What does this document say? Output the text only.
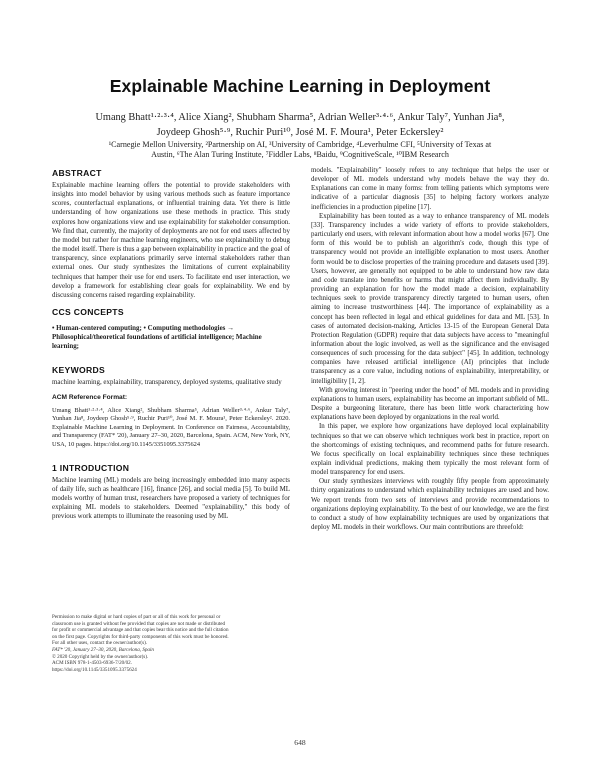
Explainable Machine Learning in Deployment
Umang Bhatt¹·²·³·⁴, Alice Xiang², Shubham Sharma⁵, Adrian Weller³·⁴·⁶, Ankur Taly⁷, Yunhan Jia⁸,
Joydeep Ghosh⁵·⁹, Ruchir Puri¹⁰, José M. F. Moura¹, Peter Eckersley²
¹Carnegie Mellon University, ²Partnership on AI, ³University of Cambridge, ⁴Leverhulme CFI, ⁵University of Texas at
Austin, ⁶The Alan Turing Institute, ⁷Fiddler Labs, ⁸Baidu, ⁹CognitiveScale, ¹⁰IBM Research
ABSTRACT

Explainable machine learning offers the potential to provide stakeholders with insights into model behavior by using various methods such as feature importance scores, counterfactual explanations, or influential training data. Yet there is little understanding of how organizations use these methods in practice. This study explores how organizations view and use explainability for stakeholder consumption. We find that, currently, the majority of deployments are not for end users affected by the model but rather for machine learning engineers, who use explainability to debug the model itself. There is thus a gap between explainability in practice and the goal of transparency, since explanations primarily serve internal stakeholders rather than external ones. Our study synthesizes the limitations of current explainability techniques that hamper their use for end users. To facilitate end user interaction, we develop a framework for establishing clear goals for explainability. We end by discussing concerns raised regarding explainability.

CCS CONCEPTS

• Human-centered computing; • Computing methodologies → Philosophical/theoretical foundations of artificial intelligence; Machine learning;

KEYWORDS

machine learning, explainability, transparency, deployed systems, qualitative study

ACM Reference Format:

Umang Bhatt¹·²·³·⁴, Alice Xiang², Shubham Sharma⁵, Adrian Weller³·⁴·⁶, Ankur Taly⁷, Yunhan Jia⁸, Joydeep Ghosh⁵·⁹, Ruchir Puri¹⁰, José M. F. Moura¹, Peter Eckersley². 2020. Explainable Machine Learning in Deployment. In Conference on Fairness, Accountability, and Transparency (FAT* '20), January 27–30, 2020, Barcelona, Spain. ACM, New York, NY, USA, 10 pages. https://doi.org/10.1145/3351095.3375624

1 INTRODUCTION

Machine learning (ML) models are being increasingly embedded into many aspects of daily life, such as healthcare [16], finance [26], and social media [5]. To build ML models worthy of human trust, researchers have proposed a variety of techniques for explaining ML models to stakeholders. Deemed "explainability," this body of previous work attempts to illuminate the reasoning used by ML

Permission to make digital or hard copies of part or all of this work for personal or
classroom use is granted without fee provided that copies are not made or distributed
for profit or commercial advantage and that copies bear this notice and the full citation
on the first page. Copyrights for third-party components of this work must be honored.
For all other uses, contact the owner/author(s).
FAT* '20, January 27–30, 2020, Barcelona, Spain
© 2020 Copyright held by the owner/author(s).
ACM ISBN 978-1-4503-6936-7/20/02.
https://doi.org/10.1145/3351095.3375624

models. "Explainability" loosely refers to any technique that helps the user or developer of ML models understand why models behave the way they do. Explanations can come in many forms: from telling patients which symptoms were indicative of a particular diagnosis [35] to helping factory workers analyze inefficiencies in a production pipeline [17].

Explainability has been touted as a way to enhance transparency of ML models [33]. Transparency includes a wide variety of efforts to provide stakeholders, particularly end users, with relevant information about how a model works [67]. One form of this would be to publish an algorithm's code, though this type of transparency would not provide an intelligible explanation to most users. Another form would be to disclose properties of the training procedure and datasets used [39]. Users, however, are generally not equipped to be able to understand how raw data and code translate into benefits or harms that might affect them individually. By providing an explanation for how the model made a decision, explainability techniques seek to provide transparency directly targeted to human users, often aiming to increase trustworthiness [44]. The importance of explainability as a concept has been reflected in legal and ethical guidelines for data and ML [53]. In cases of automated decision-making, Articles 13-15 of the European General Data Protection Regulation (GDPR) require that data subjects have access to "meaningful information about the logic involved, as well as the significance and the envisaged consequences of such processing for the data subject" [45]. In addition, technology companies have released artificial intelligence (AI) principles that include transparency as a core value, including notions of explainability, interpretability, or intelligibility [1, 2].

With growing interest in "peering under the hood" of ML models and in providing explanations to human users, explainability has become an important subfield of ML. Despite a burgeoning literature, there has been little work characterizing how explanations have been deployed by organizations in the real world.

In this paper, we explore how organizations have deployed local explainability techniques so that we can observe which techniques work best in practice, report on the shortcomings of existing techniques, and recommend paths for future research. We focus specifically on local explainability techniques since these techniques explain individual predictions, making them typically the most relevant form of model transparency for end users.

Our study synthesizes interviews with roughly fifty people from approximately thirty organizations to understand which explainability techniques are used and how. We report trends from two sets of interviews and provide recommendations to organizations deploying explainability. To the best of our knowledge, we are the first to conduct a study of how explainability techniques are used by organizations that deploy ML models in their workflows. Our main contributions are threefold:

648
